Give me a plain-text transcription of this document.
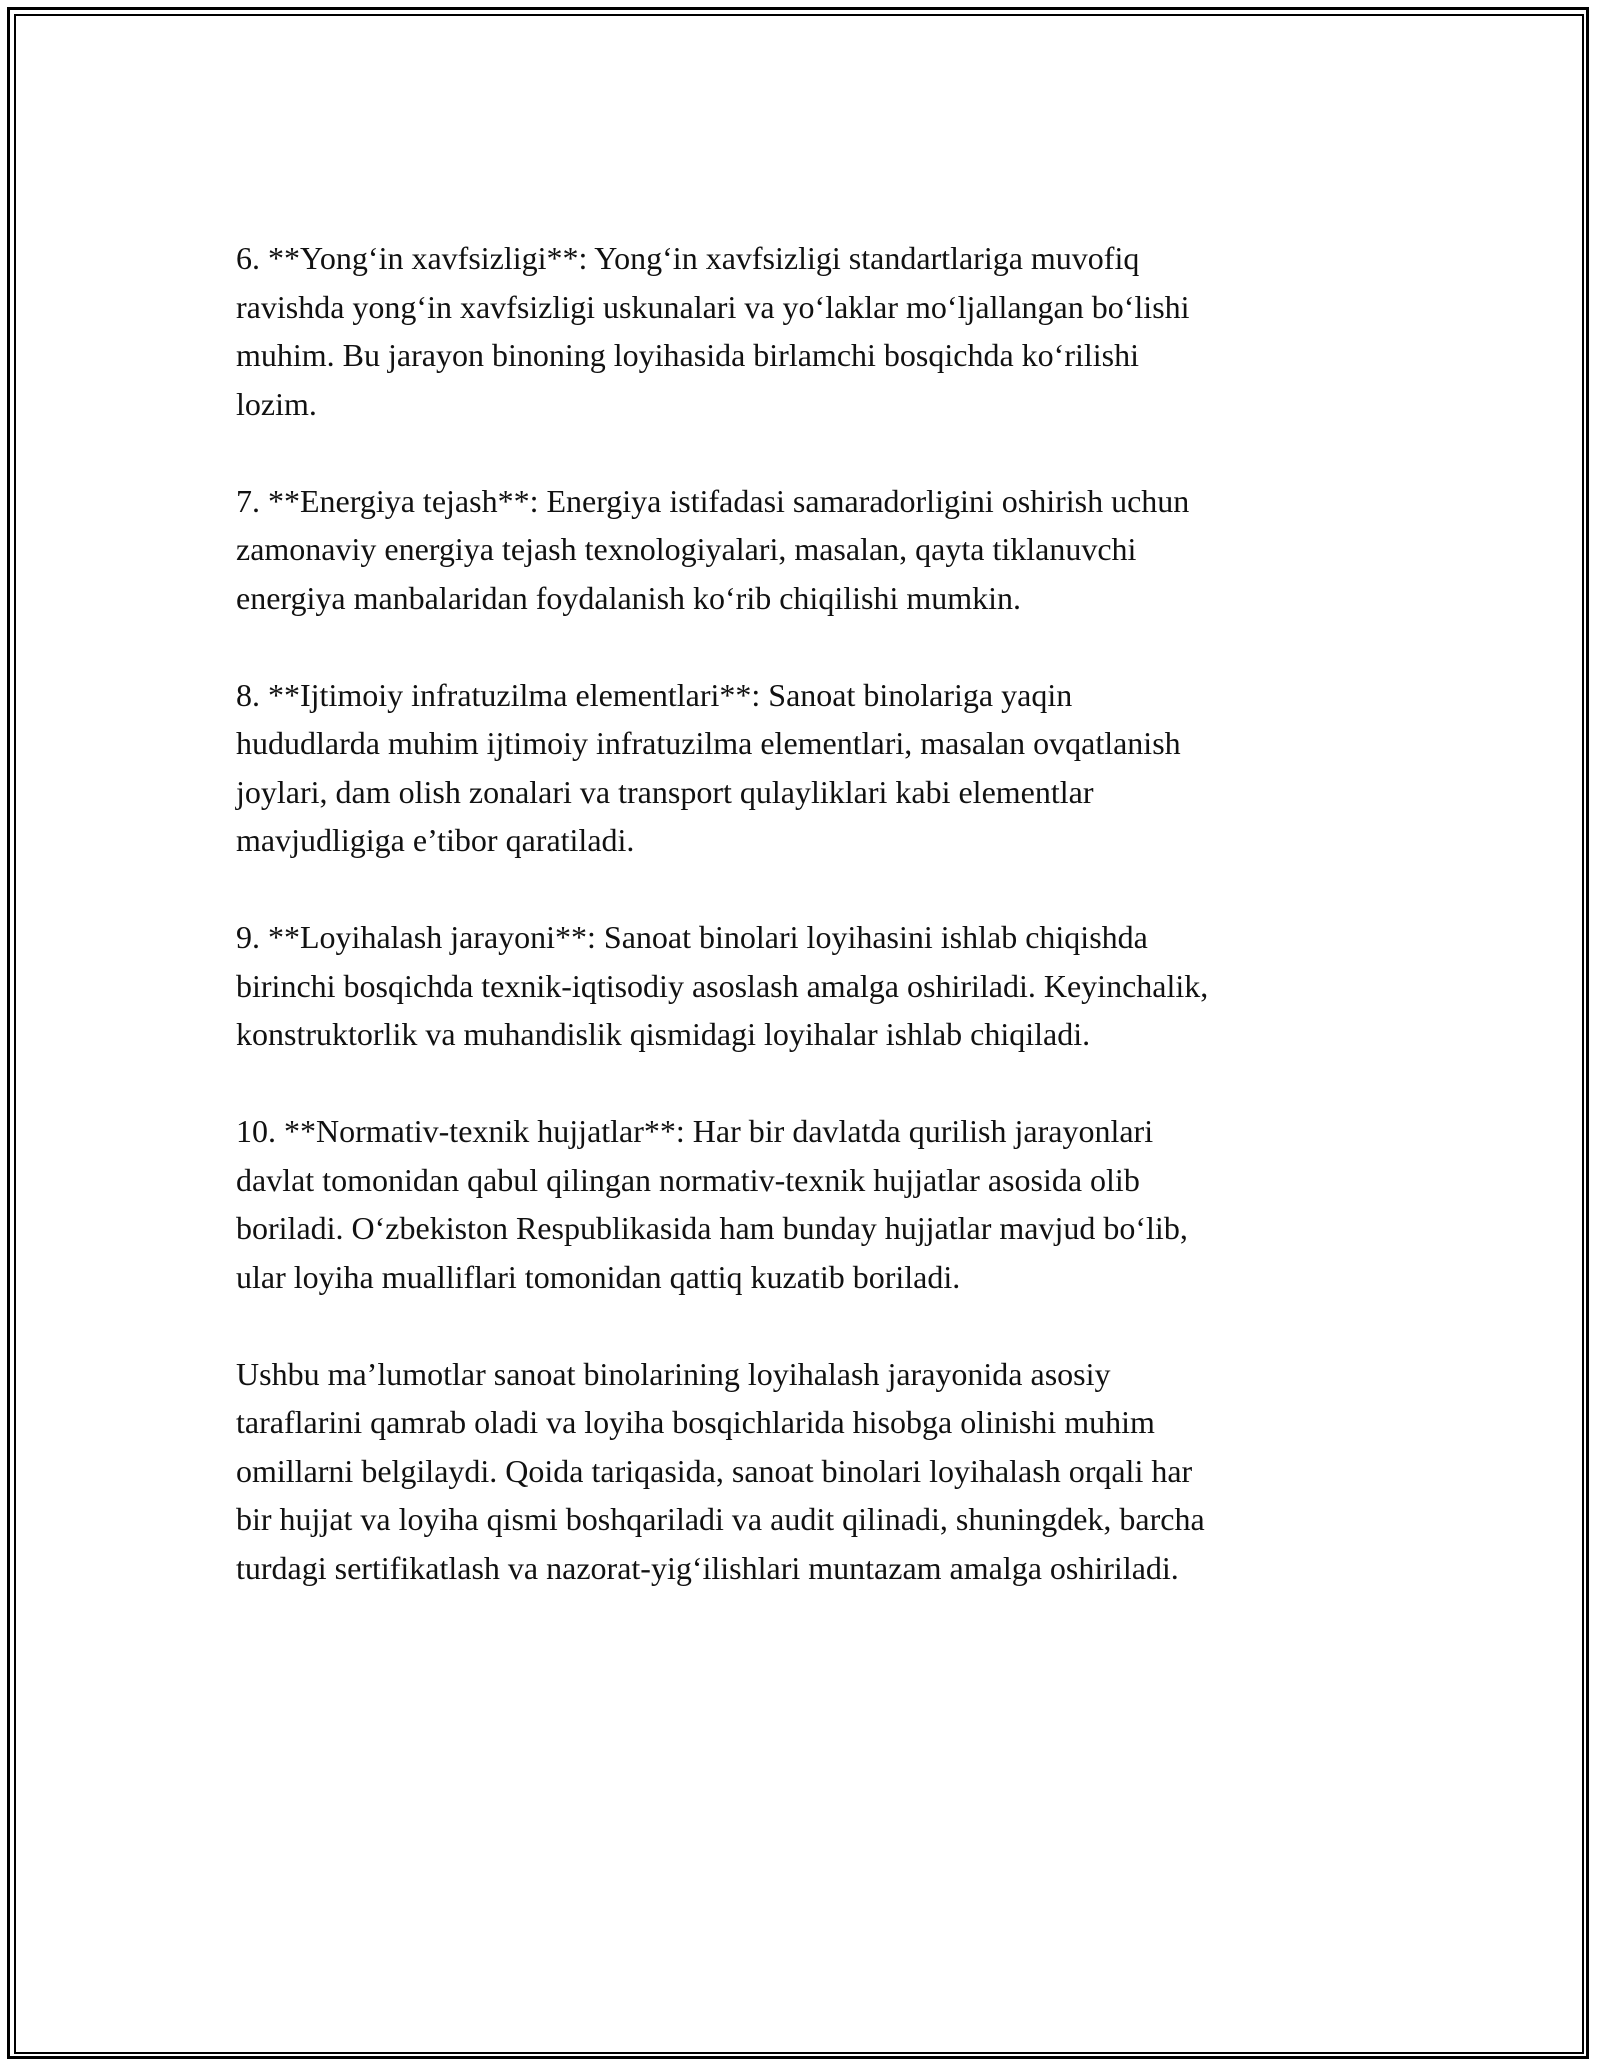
6. **Yong‘in xavfsizligi**: Yong‘in xavfsizligi standartlariga muvofiq
ravishda yong‘in xavfsizligi uskunalari va yo‘laklar mo‘ljallangan bo‘lishi
muhim. Bu jarayon binoning loyihasida birlamchi bosqichda ko‘rilishi
lozim.

7. **Energiya tejash**: Energiya istifadasi samaradorligini oshirish uchun
zamonaviy energiya tejash texnologiyalari, masalan, qayta tiklanuvchi
energiya manbalaridan foydalanish ko‘rib chiqilishi mumkin.

8. **Ijtimoiy infratuzilma elementlari**: Sanoat binolariga yaqin
hududlarda muhim ijtimoiy infratuzilma elementlari, masalan ovqatlanish
joylari, dam olish zonalari va transport qulayliklari kabi elementlar
mavjudligiga e’tibor qaratiladi.

9. **Loyihalash jarayoni**: Sanoat binolari loyihasini ishlab chiqishda
birinchi bosqichda texnik-iqtisodiy asoslash amalga oshiriladi. Keyinchalik,
konstruktorlik va muhandislik qismidagi loyihalar ishlab chiqiladi.

10. **Normativ-texnik hujjatlar**: Har bir davlatda qurilish jarayonlari
davlat tomonidan qabul qilingan normativ-texnik hujjatlar asosida olib
boriladi. O‘zbekiston Respublikasida ham bunday hujjatlar mavjud bo‘lib,
ular loyiha mualliflari tomonidan qattiq kuzatib boriladi.

Ushbu ma’lumotlar sanoat binolarining loyihalash jarayonida asosiy
taraflarini qamrab oladi va loyiha bosqichlarida hisobga olinishi muhim
omillarni belgilaydi. Qoida tariqasida, sanoat binolari loyihalash orqali har
bir hujjat va loyiha qismi boshqariladi va audit qilinadi, shuningdek, barcha
turdagi sertifikatlash va nazorat-yig‘ilishlari muntazam amalga oshiriladi.
